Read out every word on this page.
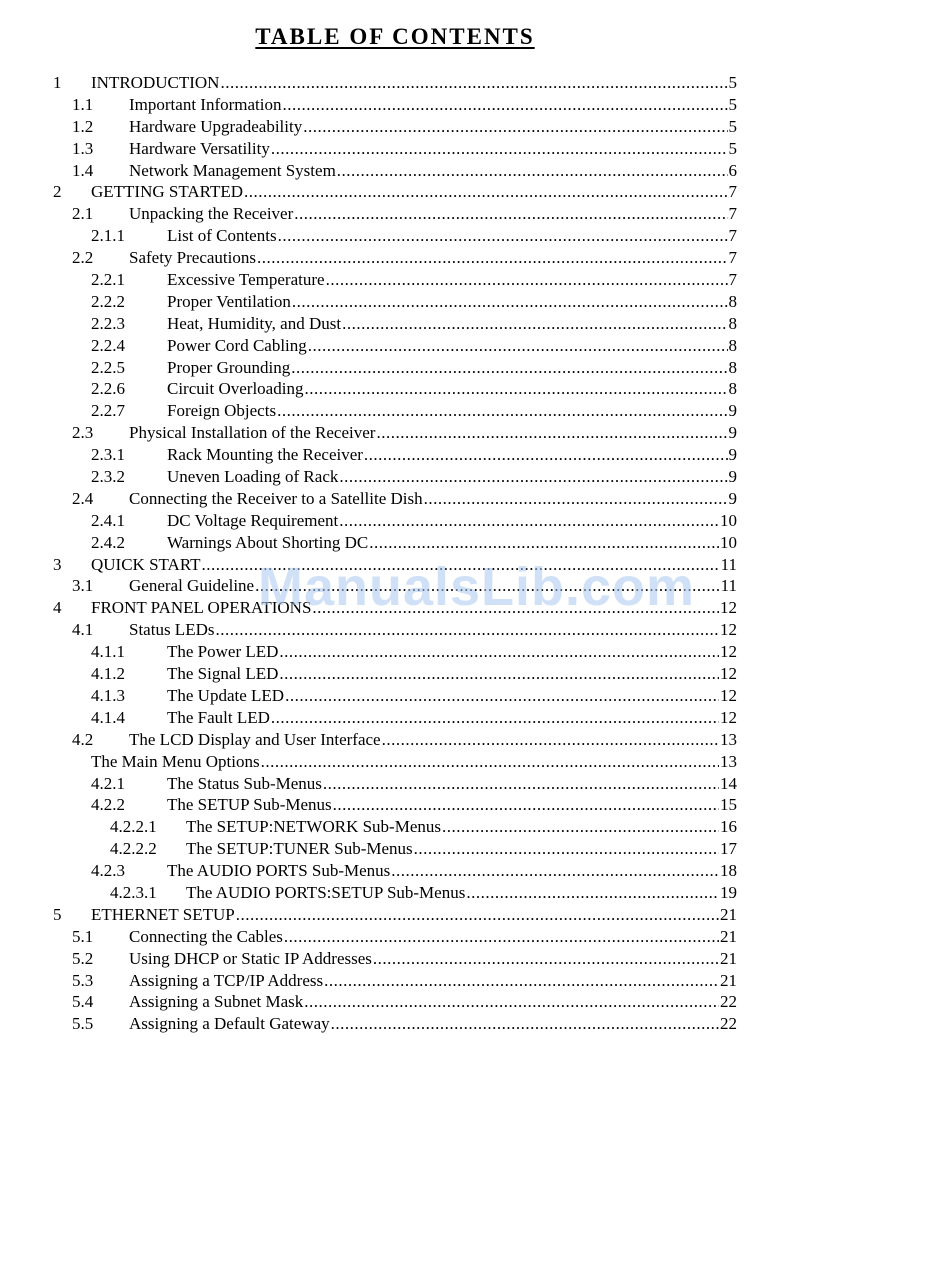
TABLE OF CONTENTS
1 INTRODUCTION .....	5
1.1 Important Information .....	5
1.2 Hardware Upgradeability .....	5
1.3 Hardware Versatility .....	5
1.4 Network Management System .....	6
2 GETTING STARTED .....	7
2.1 Unpacking the Receiver .....	7
2.1.1 List of Contents .....	7
2.2 Safety Precautions .....	7
2.2.1 Excessive Temperature .....	7
2.2.2 Proper Ventilation .....	8
2.2.3 Heat, Humidity, and Dust .....	8
2.2.4 Power Cord Cabling .....	8
2.2.5 Proper Grounding .....	8
2.2.6 Circuit Overloading .....	8
2.2.7 Foreign Objects .....	9
2.3 Physical Installation of the Receiver .....	9
2.3.1 Rack Mounting the Receiver .....	9
2.3.2 Uneven Loading of Rack .....	9
2.4 Connecting the Receiver to a Satellite Dish .....	9
2.4.1 DC Voltage Requirement .....	10
2.4.2 Warnings About Shorting DC .....	10
3 QUICK START .....	11
3.1 General Guideline .....	11
4 FRONT PANEL OPERATIONS .....	12
4.1 Status LEDs .....	12
4.1.1 The Power LED .....	12
4.1.2 The Signal LED .....	12
4.1.3 The Update LED .....	12
4.1.4 The Fault LED .....	12
4.2 The LCD Display and User Interface .....	13
The Main Menu Options .....	13
4.2.1 The Status Sub-Menus .....	14
4.2.2 The SETUP Sub-Menus .....	15
4.2.2.1 The SETUP:NETWORK Sub-Menus .....	16
4.2.2.2 The SETUP:TUNER Sub-Menus .....	17
4.2.3 The AUDIO PORTS Sub-Menus .....	18
4.2.3.1 The AUDIO PORTS:SETUP Sub-Menus .....	19
5 ETHERNET SETUP .....	21
5.1 Connecting the Cables .....	21
5.2 Using DHCP or Static IP Addresses .....	21
5.3 Assigning a TCP/IP Address .....	21
5.4 Assigning a Subnet Mask .....	22
5.5 Assigning a Default Gateway .....	22
ManualsLib.com
